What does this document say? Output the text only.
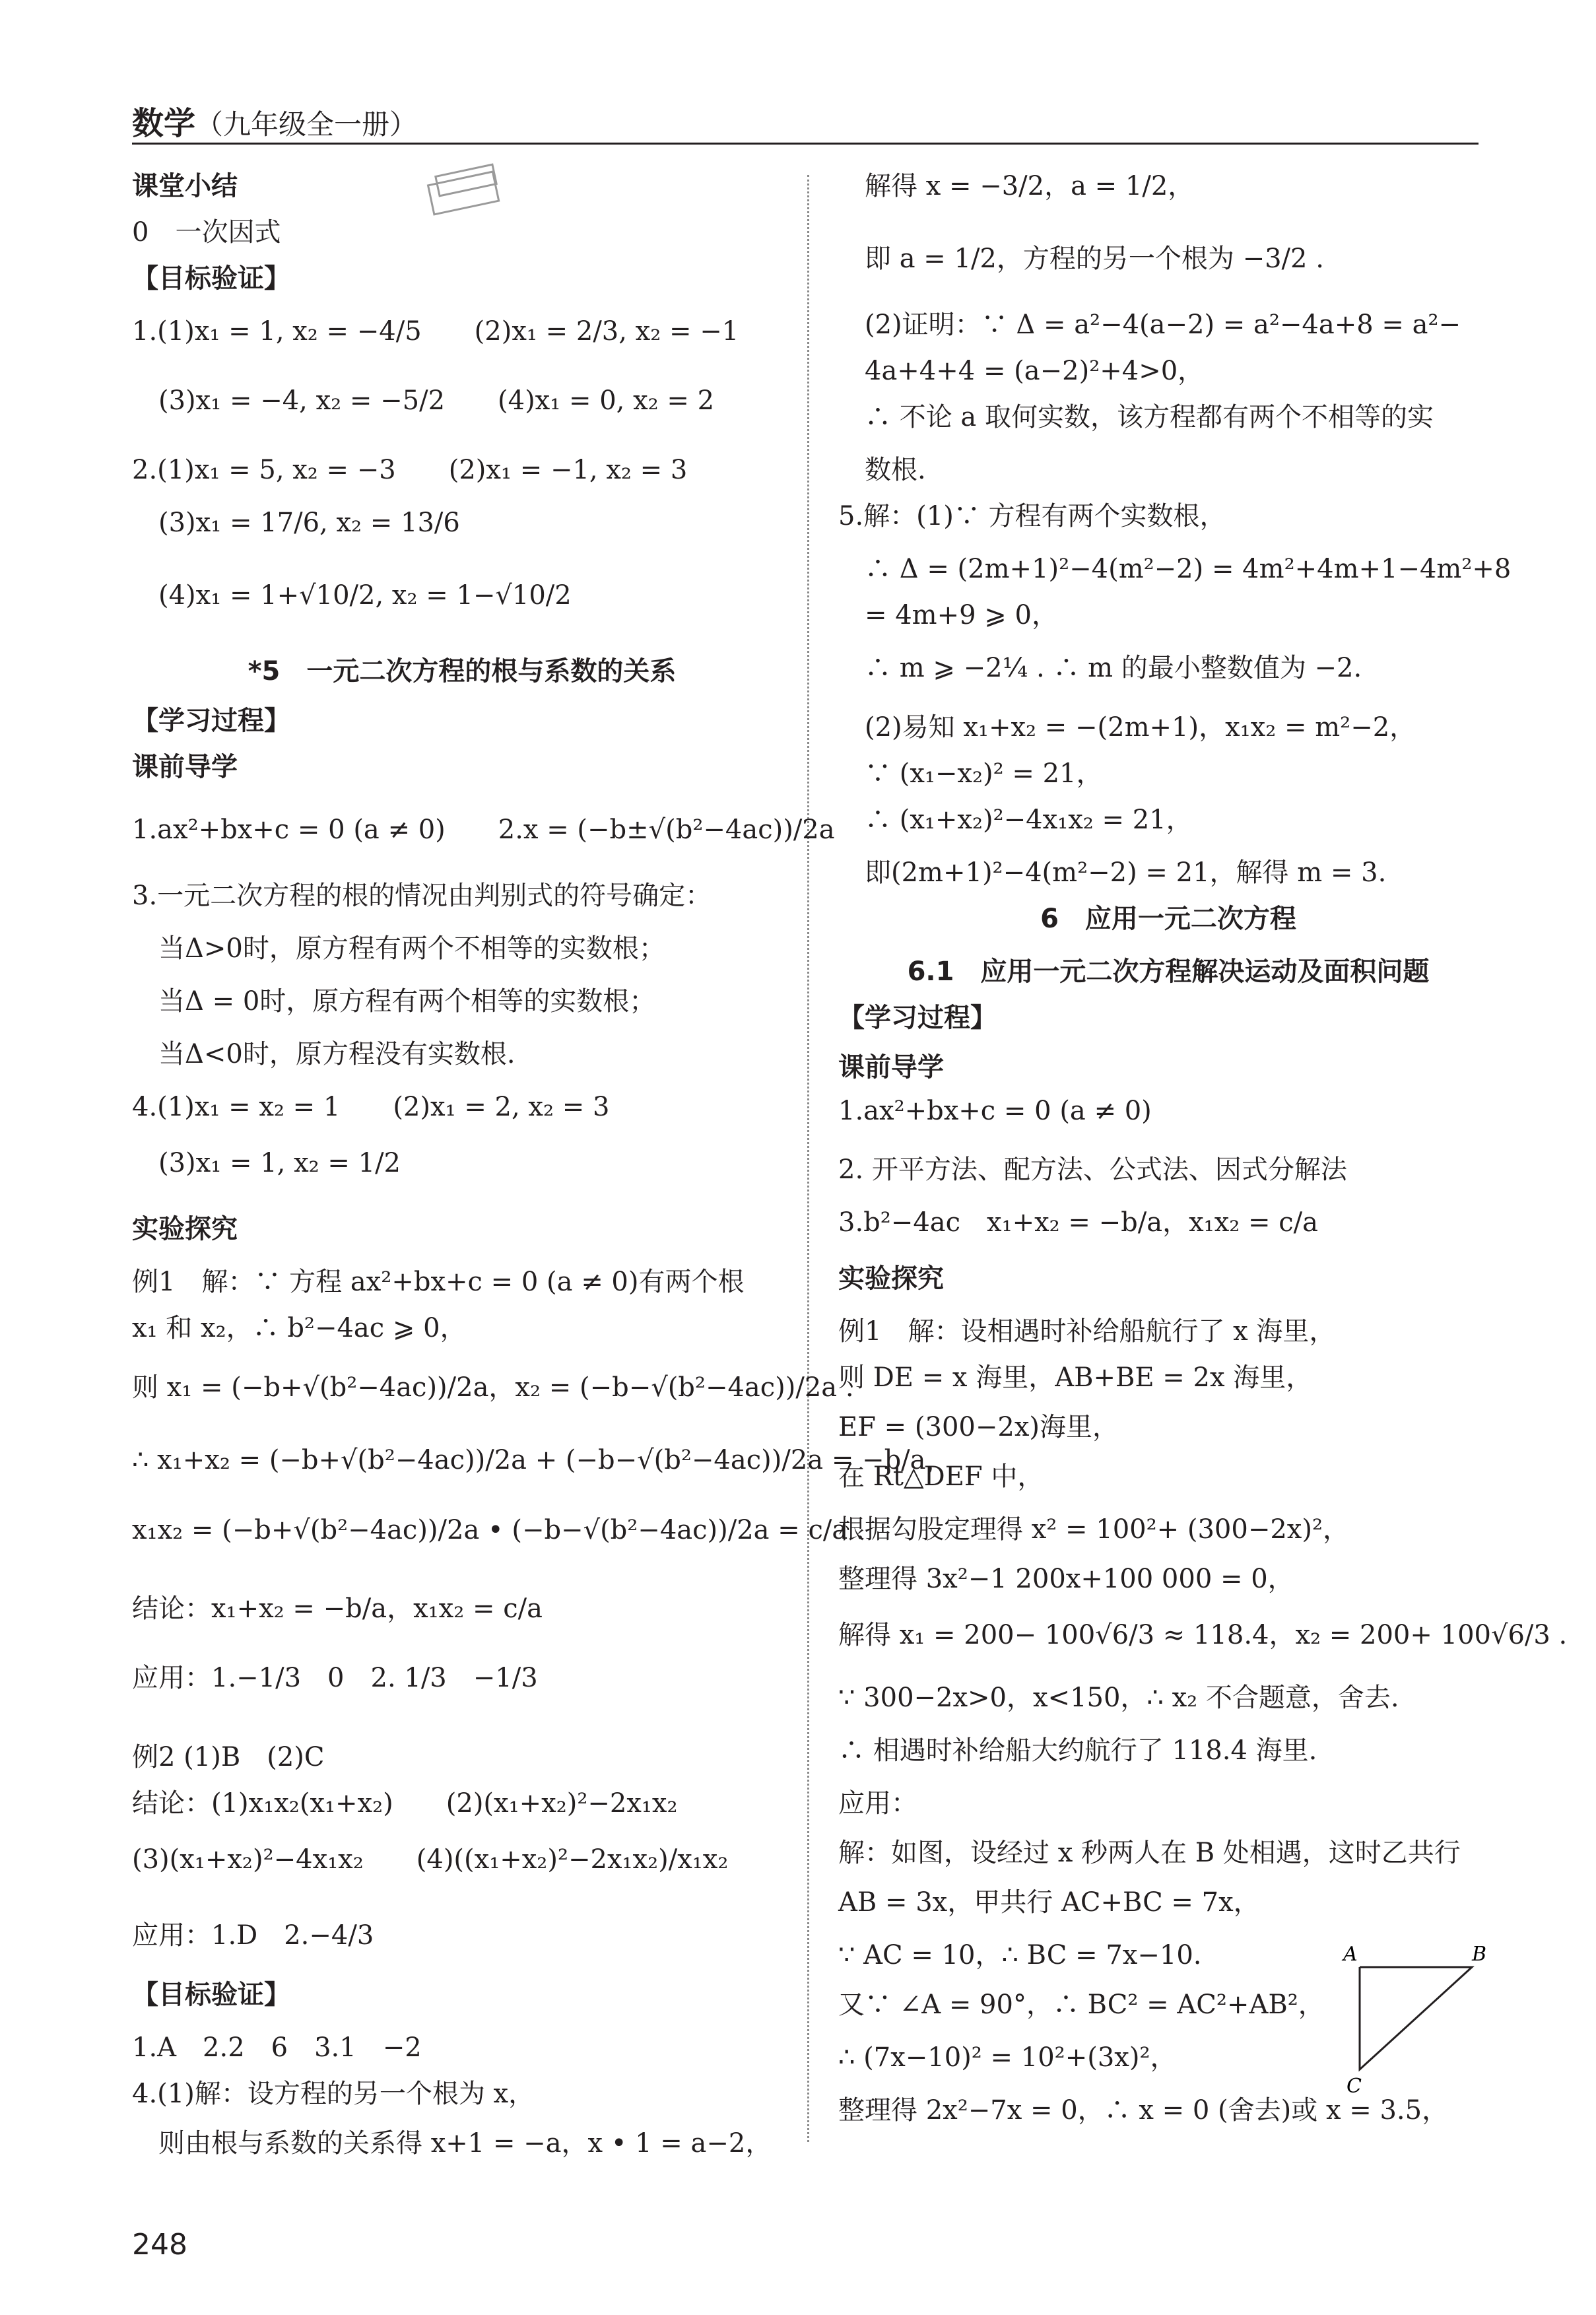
数学（九年级全一册）
课堂小结
0　一次因式
【目标验证】
1.(1)x₁ = 1, x₂ = −4/5　　(2)x₁ = 2/3, x₂ = −1
　(3)x₁ = −4, x₂ = −5/2　　(4)x₁ = 0, x₂ = 2
2.(1)x₁ = 5, x₂ = −3　　(2)x₁ = −1, x₂ = 3
　(3)x₁ = 17/6, x₂ = 13/6
　(4)x₁ = 1+√10/2, x₂ = 1−√10/2
*5　一元二次方程的根与系数的关系
【学习过程】
课前导学
1.ax²+bx+c = 0 (a ≠ 0)　　2.x = (−b±√(b²−4ac))/2a
3.一元二次方程的根的情况由判别式的符号确定：
　当Δ>0时，原方程有两个不相等的实数根；
　当Δ = 0时，原方程有两个相等的实数根；
　当Δ<0时，原方程没有实数根.
4.(1)x₁ = x₂ = 1　　(2)x₁ = 2, x₂ = 3
　(3)x₁ = 1, x₂ = 1/2
实验探究
例1　解：∵ 方程 ax²+bx+c = 0 (a ≠ 0)有两个根
x₁ 和 x₂，∴ b²−4ac ⩾ 0，
则 x₁ = (−b+√(b²−4ac))/2a，x₂ = (−b−√(b²−4ac))/2a .
∴ x₁+x₂ = (−b+√(b²−4ac))/2a + (−b−√(b²−4ac))/2a = −b/a，
x₁x₂ = (−b+√(b²−4ac))/2a • (−b−√(b²−4ac))/2a = c/a .
结论：x₁+x₂ = −b/a，x₁x₂ = c/a
应用：1.−1/3　0　2. 1/3　−1/3
例2 (1)B　(2)C
结论：(1)x₁x₂(x₁+x₂)　　(2)(x₁+x₂)²−2x₁x₂
(3)(x₁+x₂)²−4x₁x₂　　(4)((x₁+x₂)²−2x₁x₂)/x₁x₂
应用：1.D　2.−4/3
【目标验证】
1.A　2.2　6　3.1　−2
4.(1)解：设方程的另一个根为 x，
　则由根与系数的关系得 x+1 = −a，x • 1 = a−2，
　解得 x = −3/2，a = 1/2，
　即 a = 1/2，方程的另一个根为 −3/2 .
　(2)证明：∵ Δ = a²−4(a−2) = a²−4a+8 = a²−
　4a+4+4 = (a−2)²+4>0，
　∴ 不论 a 取何实数，该方程都有两个不相等的实
　数根.
5.解：(1)∵ 方程有两个实数根，
　∴ Δ = (2m+1)²−4(m²−2) = 4m²+4m+1−4m²+8
　= 4m+9 ⩾ 0，
　∴ m ⩾ −2¼ . ∴ m 的最小整数值为 −2.
　(2)易知 x₁+x₂ = −(2m+1)，x₁x₂ = m²−2，
　∵ (x₁−x₂)² = 21，
　∴ (x₁+x₂)²−4x₁x₂ = 21，
　即(2m+1)²−4(m²−2) = 21，解得 m = 3.
6　应用一元二次方程
6.1　应用一元二次方程解决运动及面积问题
【学习过程】
课前导学
1.ax²+bx+c = 0 (a ≠ 0)
2. 开平方法、配方法、公式法、因式分解法
3.b²−4ac　x₁+x₂ = −b/a，x₁x₂ = c/a
实验探究
例1　解：设相遇时补给船航行了 x 海里，
则 DE = x 海里，AB+BE = 2x 海里，
EF = (300−2x)海里，
在 Rt△DEF 中，
根据勾股定理得 x² = 100²+ (300−2x)²，
整理得 3x²−1 200x+100 000 = 0，
解得 x₁ = 200− 100√6/3 ≈ 118.4，x₂ = 200+ 100√6/3 .
∵ 300−2x>0，x<150，∴ x₂ 不合题意，舍去.
∴ 相遇时补给船大约航行了 118.4 海里.
应用：
解：如图，设经过 x 秒两人在 B 处相遇，这时乙共行
AB = 3x，甲共行 AC+BC = 7x，
∵ AC = 10，∴ BC = 7x−10.
又∵ ∠A = 90°，∴ BC² = AC²+AB²，
∴ (7x−10)² = 10²+(3x)²，
整理得 2x²−7x = 0，∴ x = 0 (舍去)或 x = 3.5，
A	B
C
248
